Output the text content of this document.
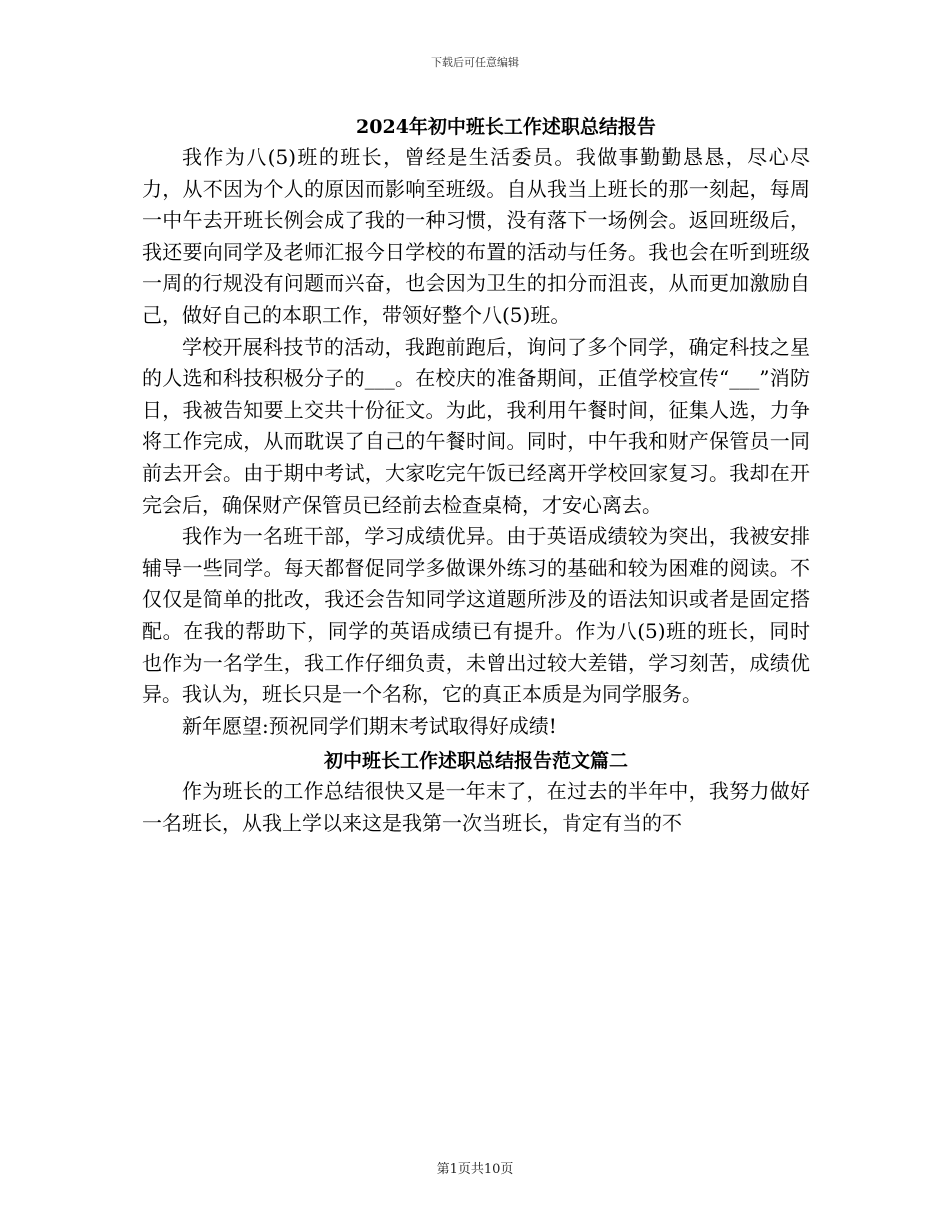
下载后可任意编辑
2024年初中班长工作述职总结报告

我作为八(5)班的班长，曾经是生活委员。我做事勤勤恳恳，尽心尽力，从不因为个人的原因而影响至班级。自从我当上班长的那一刻起，每周一中午去开班长例会成了我的一种习惯，没有落下一场例会。返回班级后，我还要向同学及老师汇报今日学校的布置的活动与任务。我也会在听到班级一周的行规没有问题而兴奋，也会因为卫生的扣分而沮丧，从而更加激励自己，做好自己的本职工作，带领好整个八(5)班。

学校开展科技节的活动，我跑前跑后，询问了多个同学，确定科技之星的人选和科技积极分子的___。在校庆的准备期间，正值学校宣传“___”消防日，我被告知要上交共十份征文。为此，我利用午餐时间，征集人选，力争将工作完成，从而耽误了自己的午餐时间。同时，中午我和财产保管员一同前去开会。由于期中考试，大家吃完午饭已经离开学校回家复习。我却在开完会后，确保财产保管员已经前去检查桌椅，才安心离去。

我作为一名班干部，学习成绩优异。由于英语成绩较为突出，我被安排辅导一些同学。每天都督促同学多做课外练习的基础和较为困难的阅读。不仅仅是简单的批改，我还会告知同学这道题所涉及的语法知识或者是固定搭配。在我的帮助下，同学的英语成绩已有提升。作为八(5)班的班长，同时也作为一名学生，我工作仔细负责，未曾出过较大差错，学习刻苦，成绩优异。我认为，班长只是一个名称，它的真正本质是为同学服务。

新年愿望:预祝同学们期末考试取得好成绩!

初中班长工作述职总结报告范文篇二

作为班长的工作总结很快又是一年末了，在过去的半年中，我努力做好一名班长，从我上学以来这是我第一次当班长，肯定有当的不

第1页共10页
